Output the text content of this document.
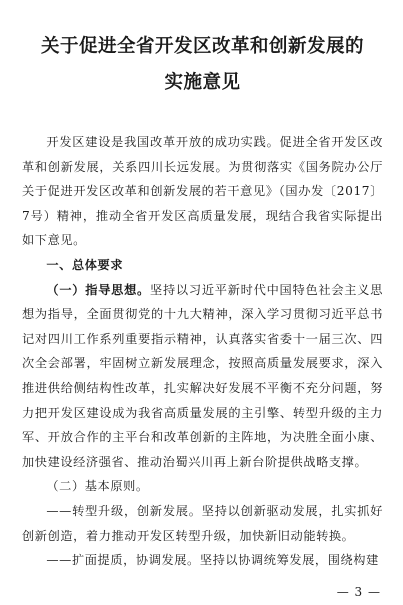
关于促进全省开发区改革和创新发展的
实施意见

开发区建设是我国改革开放的成功实践。促进全省开发区改革和创新发展，关系四川长远发展。为贯彻落实《国务院办公厅关于促进开发区改革和创新发展的若干意见》（国办发〔2017〕7号）精神，推动全省开发区高质量发展，现结合我省实际提出如下意见。

一、总体要求

（一）指导思想。坚持以习近平新时代中国特色社会主义思想为指导，全面贯彻党的十九大精神，深入学习贯彻习近平总书记对四川工作系列重要指示精神，认真落实省委十一届三次、四次全会部署，牢固树立新发展理念，按照高质量发展要求，深入推进供给侧结构性改革，扎实解决好发展不平衡不充分问题，努力把开发区建设成为我省高质量发展的主引擎、转型升级的主力军、开放合作的主平台和改革创新的主阵地，为决胜全面小康、加快建设经济强省、推动治蜀兴川再上新台阶提供战略支撑。

（二）基本原则。

——转型升级，创新发展。坚持以创新驱动发展，扎实抓好创新创造，着力推动开发区转型升级，加快新旧动能转换。

——扩面提质，协调发展。坚持以协调统筹发展，围绕构建

— 3 —
